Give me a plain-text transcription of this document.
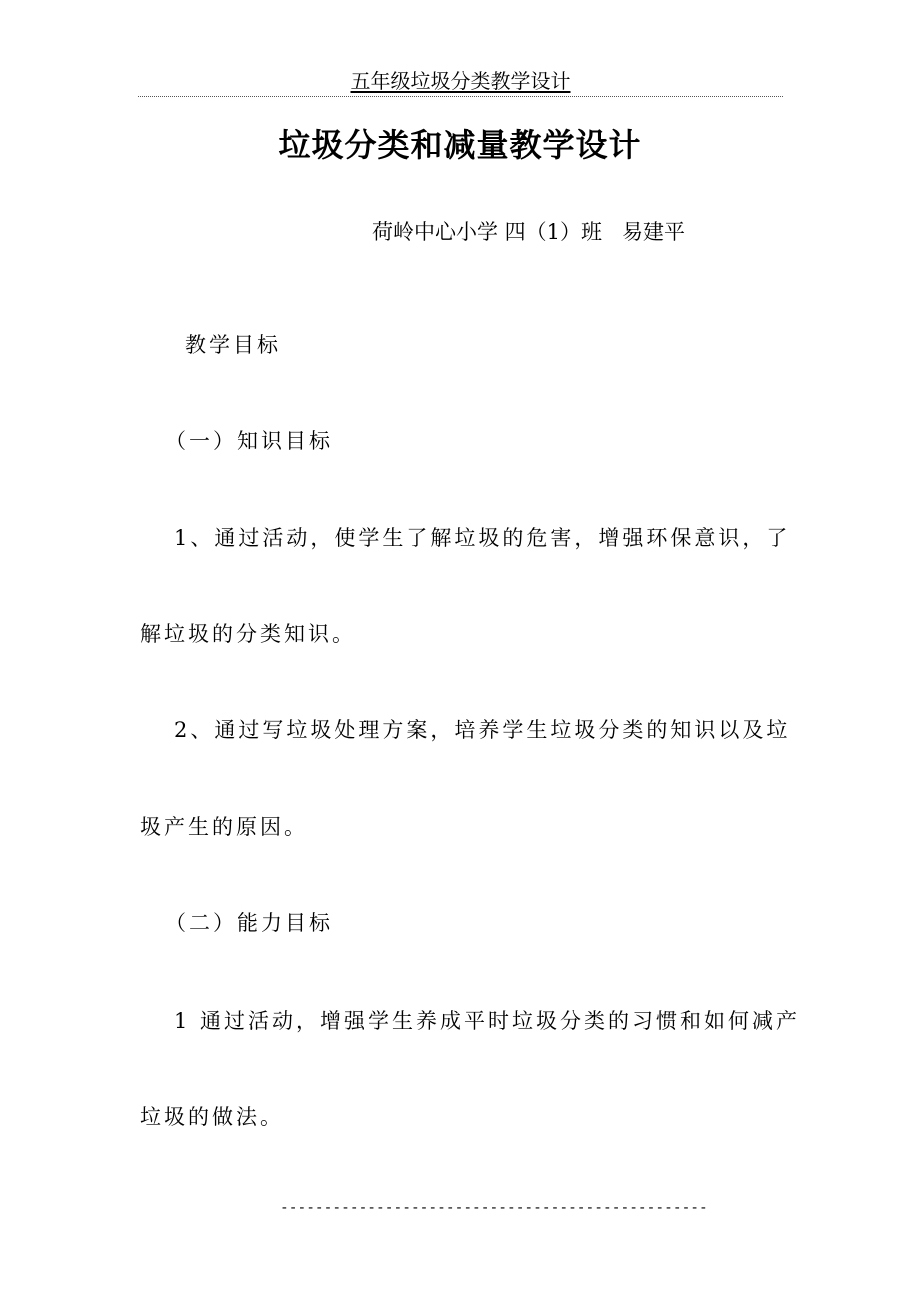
五年级垃圾分类教学设计
垃圾分类和减量教学设计
荷岭中心小学 四（1）班   易建平

教学目标

（一）知识目标

1、通过活动，使学生了解垃圾的危害，增强环保意识，了

解垃圾的分类知识。

2、通过写垃圾处理方案，培养学生垃圾分类的知识以及垃

圾产生的原因。

（二）能力目标

1 通过活动，增强学生养成平时垃圾分类的习惯和如何减产

垃圾的做法。

-------------------------------------------------
